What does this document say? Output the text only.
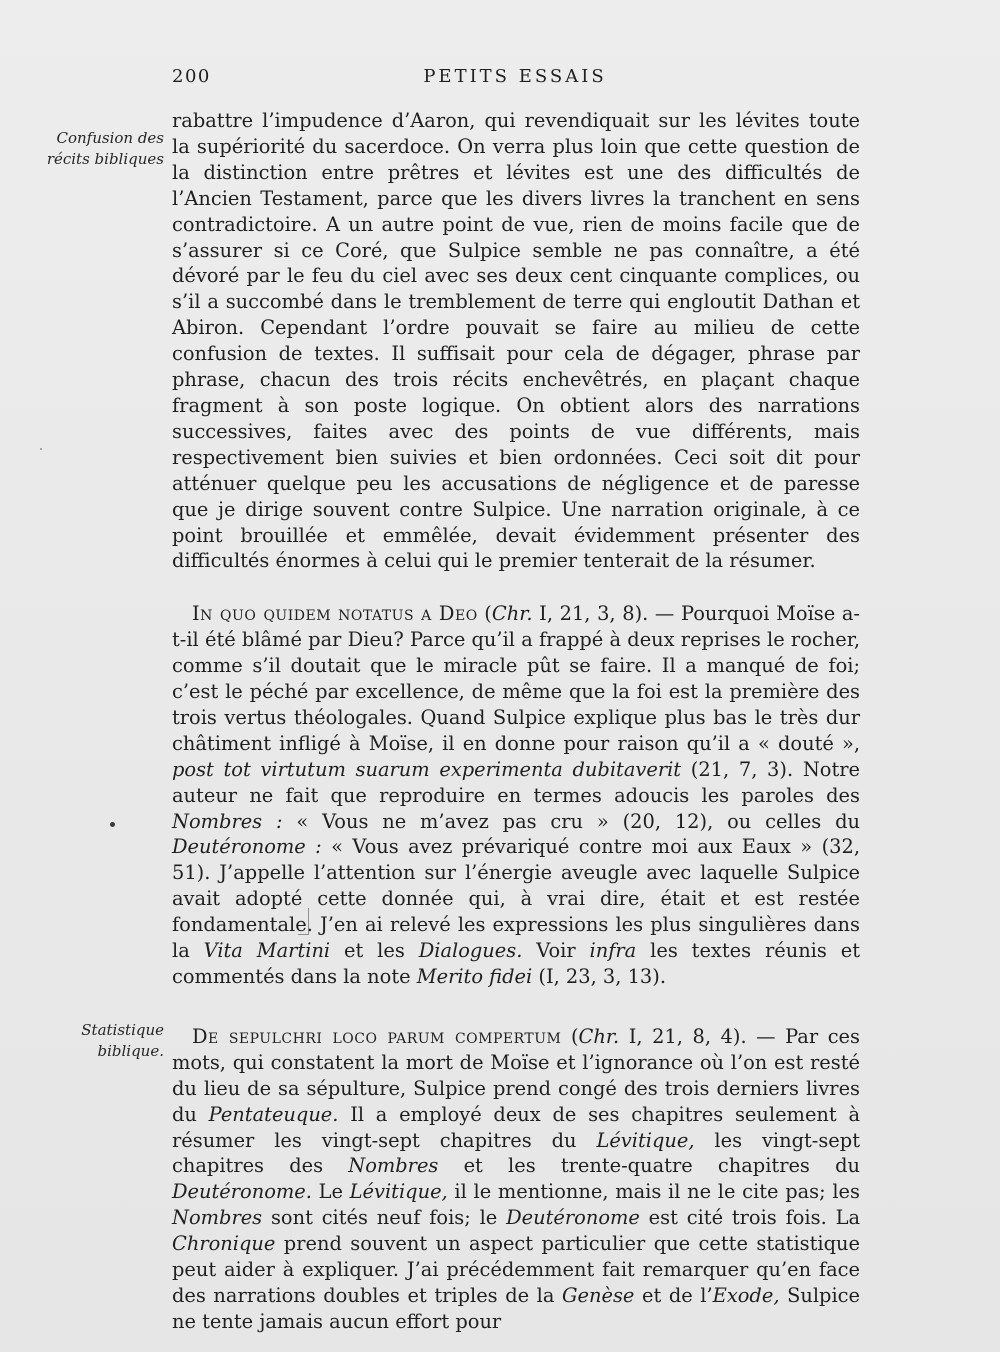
200	PETITS ESSAIS
Confusion des récits bibliques
Statistique biblique.

rabattre l’impudence d’Aaron, qui revendiquait sur les lévites toute la supériorité du sacerdoce. On verra plus loin que cette question de la distinction entre prêtres et lévites est une des difficultés de l’Ancien Testament, parce que les divers livres la tranchent en sens contradictoire. A un autre point de vue, rien de moins facile que de s’assurer si ce Coré, que Sulpice semble ne pas connaître, a été dévoré par le feu du ciel avec ses deux cent cinquante complices, ou s’il a succombé dans le tremblement de terre qui engloutit Dathan et Abiron. Cependant l’ordre pouvait se faire au milieu de cette confusion de textes. Il suffisait pour cela de dégager, phrase par phrase, chacun des trois récits enchevêtrés, en plaçant chaque fragment à son poste logique. On obtient alors des narrations successives, faites avec des points de vue différents, mais respectivement bien suivies et bien ordonnées. Ceci soit dit pour atténuer quelque peu les accusations de négligence et de paresse que je dirige souvent contre Sulpice. Une narration originale, à ce point brouillée et emmêlée, devait évidemment présenter des difficultés énormes à celui qui le premier tenterait de la résumer.

In quo quidem notatus a Deo (Chr. I, 21, 3, 8). — Pourquoi Moïse a-t-il été blâmé par Dieu? Parce qu’il a frappé à deux reprises le rocher, comme s’il doutait que le miracle pût se faire. Il a manqué de foi; c’est le péché par excellence, de même que la foi est la première des trois vertus théologales. Quand Sulpice explique plus bas le très dur châtiment infligé à Moïse, il en donne pour raison qu’il a « douté », post tot virtutum suarum experimenta dubitaverit (21, 7, 3). Notre auteur ne fait que reproduire en termes adoucis les paroles des Nombres : « Vous ne m’avez pas cru » (20, 12), ou celles du Deutéronome : « Vous avez prévariqué contre moi aux Eaux » (32, 51). J’appelle l’attention sur l’énergie aveugle avec laquelle Sulpice avait adopté cette donnée qui, à vrai dire, était et est restée fondamentale. J’en ai relevé les expressions les plus singulières dans la Vita Martini et les Dialogues. Voir infra les textes réunis et commentés dans la note Merito fidei (I, 23, 3, 13).

De sepulchri loco parum compertum (Chr. I, 21, 8, 4). — Par ces mots, qui constatent la mort de Moïse et l’ignorance où l’on est resté du lieu de sa sépulture, Sulpice prend congé des trois derniers livres du Pentateuque. Il a employé deux de ses chapitres seulement à résumer les vingt-sept chapitres du Lévitique, les vingt-sept chapitres des Nombres et les trente-quatre chapitres du Deutéronome. Le Lévitique, il le mentionne, mais il ne le cite pas; les Nombres sont cités neuf fois; le Deutéronome est cité trois fois. La Chronique prend souvent un aspect particulier que cette statistique peut aider à expliquer. J’ai précédemment fait remarquer qu’en face des narrations doubles et triples de la Genèse et de l’Exode, Sulpice ne tente jamais aucun effort pour
